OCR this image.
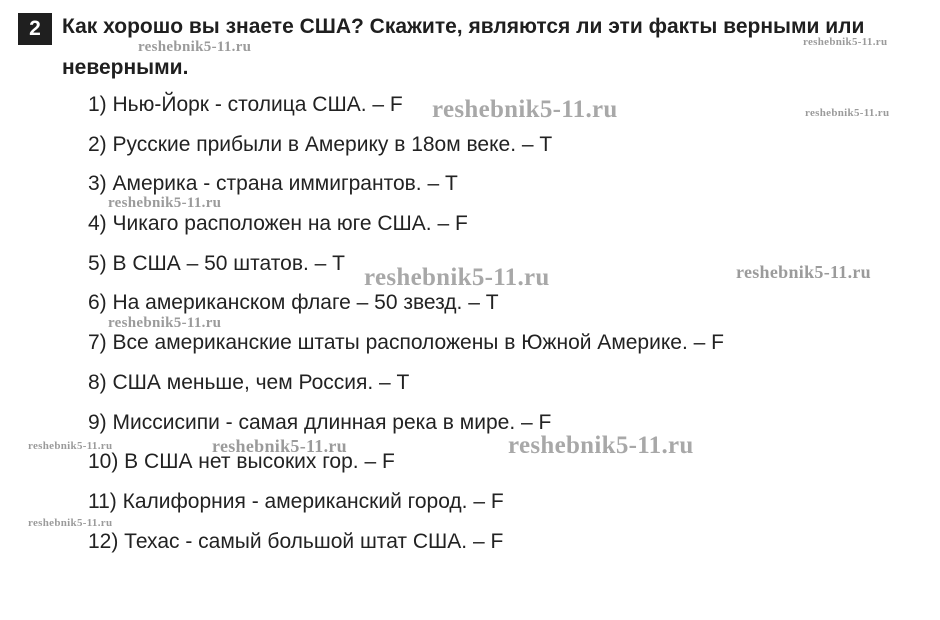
2	Как хорошо вы знаете США? Скажите, являются ли эти факты верными или
неверными.
1) Нью-Йорк - столица США. – F
2) Русские прибыли в Америку в 18ом веке. – T
3) Америка - страна иммигрантов. – T
4) Чикаго расположен на юге США. – F
5) В США – 50 штатов. – T
6) На американском флаге – 50 звезд. – T
7) Все американские штаты расположены в Южной Америке. – F
8) США меньше, чем Россия. – T
9) Миссисипи - самая длинная река в мире. – F
10) В США нет высоких гор. – F
11) Калифорния - американский город. – F
12) Техас - самый большой штат США. – F
reshebnik5-11.ru	reshebnik5-11.ru
reshebnik5-11.ru	reshebnik5-11.ru
reshebnik5-11.ru
reshebnik5-11.ru	reshebnik5-11.ru
reshebnik5-11.ru
reshebnik5-11.ru	reshebnik5-11.ru	reshebnik5-11.ru
reshebnik5-11.ru
